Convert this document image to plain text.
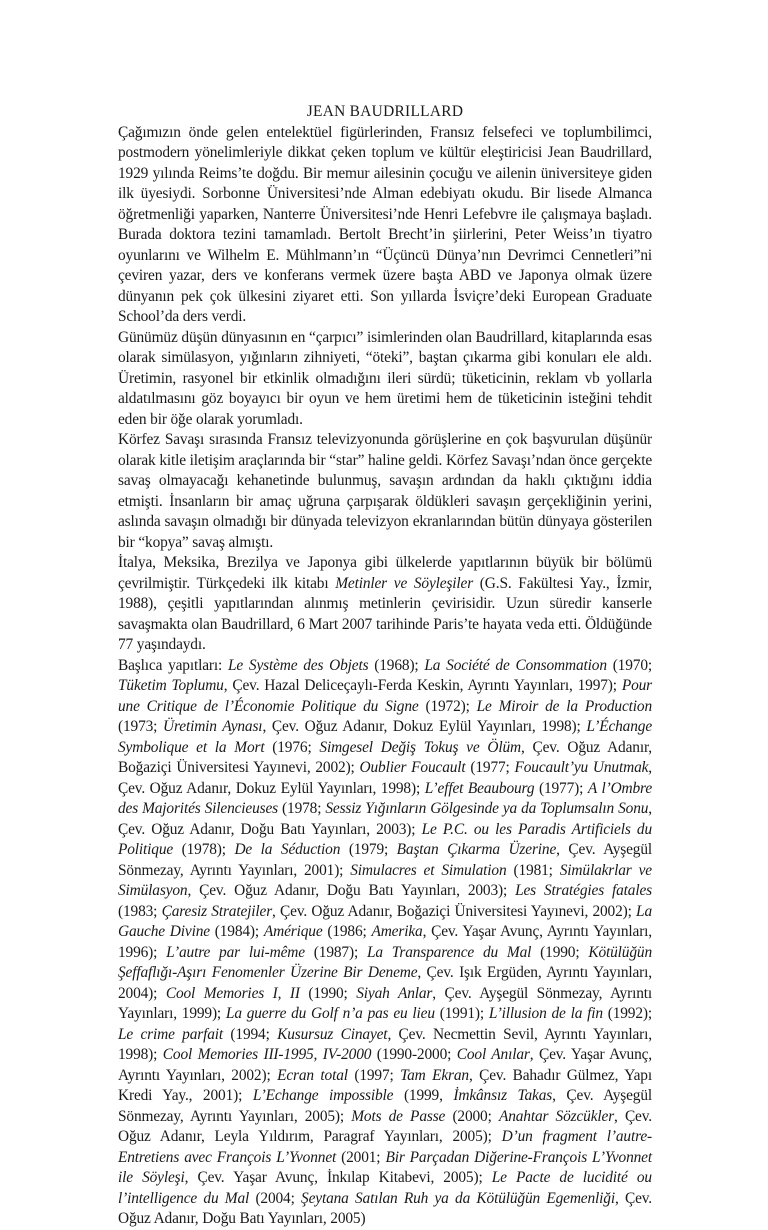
JEAN BAUDRILLARD

Çağımızın önde gelen entelektüel figürlerinden, Fransız felsefeci ve toplumbilimci, postmodern yönelimleriyle dikkat çeken toplum ve kültür eleştiricisi Jean Baudrillard, 1929 yılında Reims’te doğdu. Bir memur ailesinin çocuğu ve ailenin üniversiteye giden ilk üyesiydi. Sorbonne Üniversitesi’nde Alman edebiyatı okudu. Bir lisede Almanca öğretmenliği yaparken, Nanterre Üniversitesi’nde Henri Lefebvre ile çalışmaya başladı. Burada doktora tezini tamamladı. Bertolt Brecht’in şiirlerini, Peter Weiss’ın tiyatro oyunlarını ve Wilhelm E. Mühlmann’ın “Üçüncü Dünya’nın Devrimci Cennetleri”ni çeviren yazar, ders ve konferans vermek üzere başta ABD ve Japonya olmak üzere dünyanın pek çok ülkesini ziyaret etti. Son yıllarda İsviçre’deki European Graduate School’da ders verdi.

Günümüz düşün dünyasının en “çarpıcı” isimlerinden olan Baudrillard, kitaplarında esas olarak simülasyon, yığınların zihniyeti, “öteki”, baştan çıkarma gibi konuları ele aldı. Üretimin, rasyonel bir etkinlik olmadığını ileri sürdü; tüketicinin, reklam vb yollarla aldatılmasını göz boyayıcı bir oyun ve hem üretimi hem de tüketicinin isteğini tehdit eden bir öğe olarak yorumladı.

Körfez Savaşı sırasında Fransız televizyonunda görüşlerine en çok başvurulan düşünür olarak kitle iletişim araçlarında bir “star” haline geldi. Körfez Savaşı’ndan önce gerçekte savaş olmayacağı kehanetinde bulunmuş, savaşın ardından da haklı çıktığını iddia etmişti. İnsanların bir amaç uğruna çarpışarak öldükleri savaşın gerçekliğinin yerini, aslında savaşın olmadığı bir dünyada televizyon ekranlarından bütün dünyaya gösterilen bir “kopya” savaş almıştı.

İtalya, Meksika, Brezilya ve Japonya gibi ülkelerde yapıtlarının büyük bir bölümü çevrilmiştir. Türkçedeki ilk kitabı Metinler ve Söyleşiler (G.S. Fakültesi Yay., İzmir, 1988), çeşitli yapıtlarından alınmış metinlerin çevirisidir. Uzun süredir kanserle savaşmakta olan Baudrillard, 6 Mart 2007 tarihinde Paris’te hayata veda etti. Öldüğünde 77 yaşındaydı.

Başlıca yapıtları: Le Système des Objets (1968); La Société de Consommation (1970; Tüketim Toplumu, Çev. Hazal Deliceçaylı-Ferda Keskin, Ayrıntı Yayınları, 1997); Pour une Critique de l’Économie Politique du Signe (1972); Le Miroir de la Production (1973; Üretimin Aynası, Çev. Oğuz Adanır, Dokuz Eylül Yayınları, 1998); L’Échange Symbolique et la Mort (1976; Simgesel Değiş Tokuş ve Ölüm, Çev. Oğuz Adanır, Boğaziçi Üniversitesi Yayınevi, 2002); Oublier Foucault (1977; Foucault’yu Unutmak, Çev. Oğuz Adanır, Dokuz Eylül Yayınları, 1998); L’effet Beaubourg (1977); A l’Ombre des Majorités Silencieuses (1978; Sessiz Yığınların Gölgesinde ya da Toplumsalın Sonu, Çev. Oğuz Adanır, Doğu Batı Yayınları, 2003); Le P.C. ou les Paradis Artificiels du Politique (1978); De la Séduction (1979; Baştan Çıkarma Üzerine, Çev. Ayşegül Sönmezay, Ayrıntı Yayınları, 2001); Simulacres et Simulation (1981; Simülakrlar ve Simülasyon, Çev. Oğuz Adanır, Doğu Batı Yayınları, 2003); Les Stratégies fatales (1983; Çaresiz Stratejiler, Çev. Oğuz Adanır, Boğaziçi Üniversitesi Yayınevi, 2002); La Gauche Divine (1984); Amérique (1986; Amerika, Çev. Yaşar Avunç, Ayrıntı Yayınları, 1996); L’autre par lui-même (1987); La Transparence du Mal (1990; Kötülüğün Şeffaflığı-Aşırı Fenomenler Üzerine Bir Deneme, Çev. Işık Ergüden, Ayrıntı Yayınları, 2004); Cool Memories I, II (1990; Siyah Anlar, Çev. Ayşegül Sönmezay, Ayrıntı Yayınları, 1999); La guerre du Golf n’a pas eu lieu (1991); L’illusion de la fin (1992); Le crime parfait (1994; Kusursuz Cinayet, Çev. Necmettin Sevil, Ayrıntı Yayınları, 1998); Cool Memories III-1995, IV-2000 (1990-2000; Cool Anılar, Çev. Yaşar Avunç, Ayrıntı Yayınları, 2002); Ecran total (1997; Tam Ekran, Çev. Bahadır Gülmez, Yapı Kredi Yay., 2001); L’Echange impossible (1999, İmkânsız Takas, Çev. Ayşegül Sönmezay, Ayrıntı Yayınları, 2005); Mots de Passe (2000; Anahtar Sözcükler, Çev. Oğuz Adanır, Leyla Yıldırım, Paragraf Yayınları, 2005); D’un fragment l’autre-Entretiens avec François L’Yvonnet (2001; Bir Parçadan Diğerine-François L’Yvonnet ile Söyleşi, Çev. Yaşar Avunç, İnkılap Kitabevi, 2005); Le Pacte de lucidité ou l’intelligence du Mal (2004; Şeytana Satılan Ruh ya da Kötülüğün Egemenliği, Çev. Oğuz Adanır, Doğu Batı Yayınları, 2005)
